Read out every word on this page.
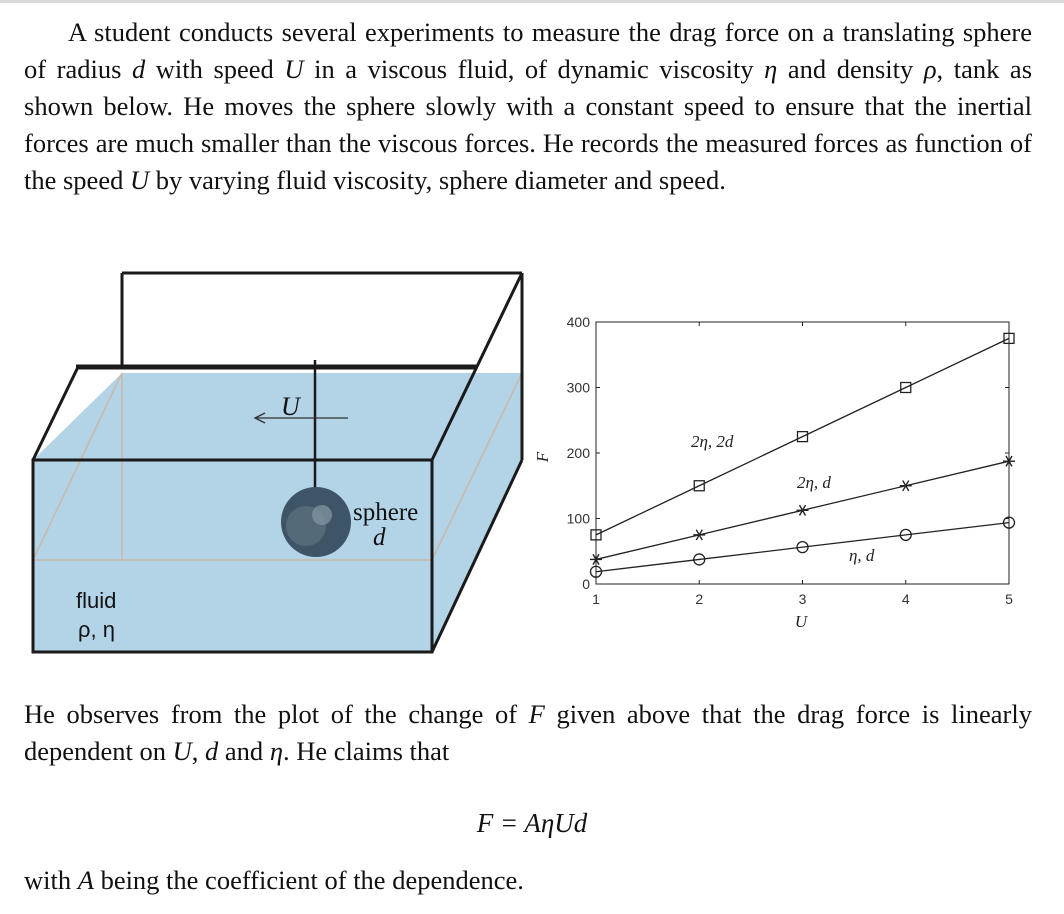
A student conducts several experiments to measure the drag force on a translating sphere of radius d with speed U in a viscous fluid, of dynamic viscosity η and density ρ, tank as shown below. He moves the sphere slowly with a constant speed to ensure that the inertial forces are much smaller than the viscous forces. He records the measured forces as function of the speed U by varying fluid viscosity, sphere diameter and speed.

U
sphere
d
fluid
ρ, η
1	2	3	4	5
0
100
200
300
400
U
F
2η, 2d
2η, d
η, d

He observes from the plot of the change of F given above that the drag force is linearly dependent on U, d and η. He claims that

F = AηUd

with A being the coefficient of the dependence.
